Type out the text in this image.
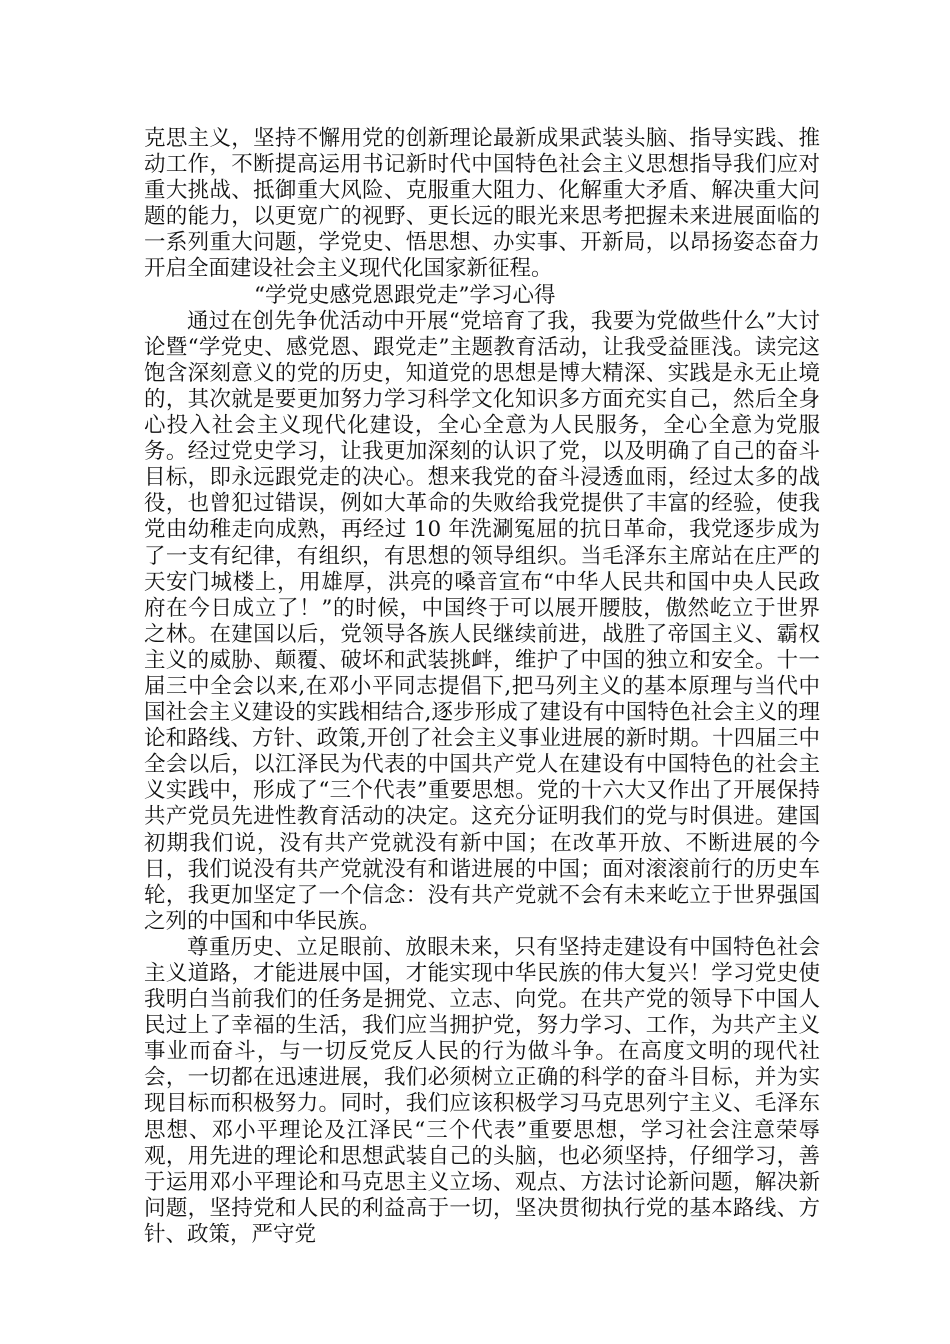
克思主义，坚持不懈用党的创新理论最新成果武装头脑、指导实践、推动工作，不断提高运用书记新时代中国特色社会主义思想指导我们应对重大挑战、抵御重大风险、克服重大阻力、化解重大矛盾、解决重大问题的能力，以更宽广的视野、更长远的眼光来思考把握未来进展面临的一系列重大问题，学党史、悟思想、办实事、开新局，以昂扬姿态奋力开启全面建设社会主义现代化国家新征程。

“学党史感党恩跟党走”学习心得

通过在创先争优活动中开展“党培育了我，我要为党做些什么”大讨论暨“学党史、感党恩、跟党走”主题教育活动，让我受益匪浅。读完这饱含深刻意义的党的历史，知道党的思想是博大精深、实践是永无止境的，其次就是要更加努力学习科学文化知识多方面充实自己，然后全身心投入社会主义现代化建设，全心全意为人民服务，全心全意为党服务。经过党史学习，让我更加深刻的认识了党，以及明确了自己的奋斗目标，即永远跟党走的决心。想来我党的奋斗浸透血雨，经过太多的战役，也曾犯过错误，例如大革命的失败给我党提供了丰富的经验，使我党由幼稚走向成熟，再经过 10 年洗涮冤屈的抗日革命，我党逐步成为了一支有纪律，有组织，有思想的领导组织。当毛泽东主席站在庄严的天安门城楼上，用雄厚，洪亮的嗓音宣布“中华人民共和国中央人民政府在今日成立了！”的时候，中国终于可以展开腰肢，傲然屹立于世界之林。在建国以后，党领导各族人民继续前进，战胜了帝国主义、霸权主义的威胁、颠覆、破坏和武装挑衅，维护了中国的独立和安全。十一届三中全会以来,在邓小平同志提倡下,把马列主义的基本原理与当代中国社会主义建设的实践相结合,逐步形成了建设有中国特色社会主义的理论和路线、方针、政策,开创了社会主义事业进展的新时期。十四届三中全会以后，以江泽民为代表的中国共产党人在建设有中国特色的社会主义实践中，形成了“三个代表”重要思想。党的十六大又作出了开展保持共产党员先进性教育活动的决定。这充分证明我们的党与时俱进。建国初期我们说，没有共产党就没有新中国；在改革开放、不断进展的今日，我们说没有共产党就没有和谐进展的中国；面对滚滚前行的历史车轮，我更加坚定了一个信念：没有共产党就不会有未来屹立于世界强国之列的中国和中华民族。

尊重历史、立足眼前、放眼未来，只有坚持走建设有中国特色社会主义道路，才能进展中国，才能实现中华民族的伟大复兴！学习党史使我明白当前我们的任务是拥党、立志、向党。在共产党的领导下中国人民过上了幸福的生活，我们应当拥护党，努力学习、工作，为共产主义事业而奋斗，与一切反党反人民的行为做斗争。在高度文明的现代社会，一切都在迅速进展，我们必须树立正确的科学的奋斗目标，并为实现目标而积极努力。同时，我们应该积极学习马克思列宁主义、毛泽东思想、邓小平理论及江泽民“三个代表”重要思想，学习社会注意荣辱观，用先进的理论和思想武装自己的头脑，也必须坚持，仔细学习，善于运用邓小平理论和马克思主义立场、观点、方法讨论新问题，解决新问题，坚持党和人民的利益高于一切，坚决贯彻执行党的基本路线、方针、政策，严守党
